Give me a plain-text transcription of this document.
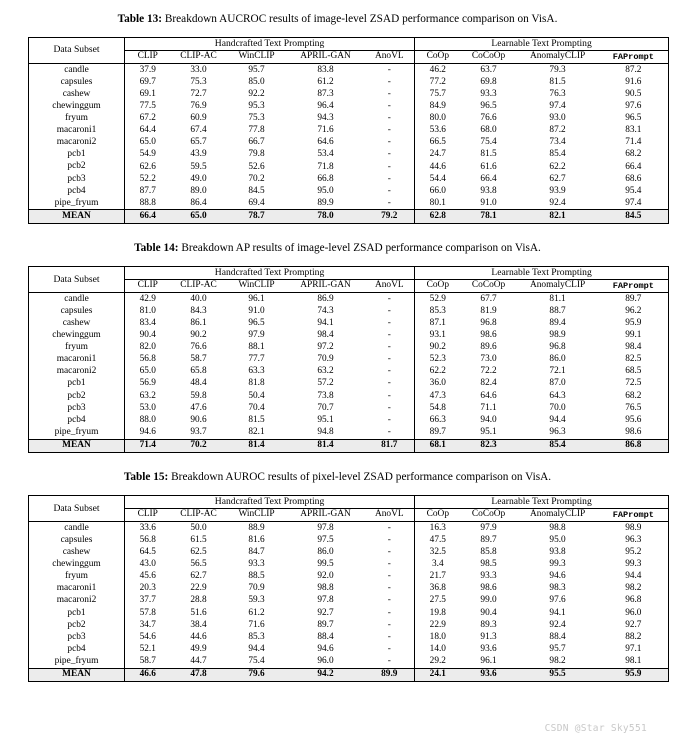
Table 13: Breakdown AUCROC results of image-level ZSAD performance comparison on VisA.
Data Subset	Handcrafted Text Prompting					Learnable Text Prompting			
	CLIP	CLIP-AC	WinCLIP	APRIL-GAN	AnoVL	CoOp	CoCoOp	AnomalyCLIP	FAPrompt
candle	37.9	33.0	95.7	83.8	-	46.2	63.7	79.3	87.2
capsules	69.7	75.3	85.0	61.2	-	77.2	69.8	81.5	91.6
cashew	69.1	72.7	92.2	87.3	-	75.7	93.3	76.3	90.5
chewinggum	77.5	76.9	95.3	96.4	-	84.9	96.5	97.4	97.6
fryum	67.2	60.9	75.3	94.3	-	80.0	76.6	93.0	96.5
macaroni1	64.4	67.4	77.8	71.6	-	53.6	68.0	87.2	83.1
macaroni2	65.0	65.7	66.7	64.6	-	66.5	75.4	73.4	71.4
pcb1	54.9	43.9	79.8	53.4	-	24.7	81.5	85.4	68.2
pcb2	62.6	59.5	52.6	71.8	-	44.6	61.6	62.2	66.4
pcb3	52.2	49.0	70.2	66.8	-	54.4	66.4	62.7	68.6
pcb4	87.7	89.0	84.5	95.0	-	66.0	93.8	93.9	95.4
pipe_fryum	88.8	86.4	69.4	89.9	-	80.1	91.0	92.4	97.4
MEAN	66.4	65.0	78.7	78.0	79.2	62.8	78.1	82.1	84.5
Table 14: Breakdown AP results of image-level ZSAD performance comparison on VisA.
Data Subset	Handcrafted Text Prompting					Learnable Text Prompting			
	CLIP	CLIP-AC	WinCLIP	APRIL-GAN	AnoVL	CoOp	CoCoOp	AnomalyCLIP	FAPrompt
candle	42.9	40.0	96.1	86.9	-	52.9	67.7	81.1	89.7
capsules	81.0	84.3	91.0	74.3	-	85.3	81.9	88.7	96.2
cashew	83.4	86.1	96.5	94.1	-	87.1	96.8	89.4	95.9
chewinggum	90.4	90.2	97.9	98.4	-	93.1	98.6	98.9	99.1
fryum	82.0	76.6	88.1	97.2	-	90.2	89.6	96.8	98.4
macaroni1	56.8	58.7	77.7	70.9	-	52.3	73.0	86.0	82.5
macaroni2	65.0	65.8	63.3	63.2	-	62.2	72.2	72.1	68.5
pcb1	56.9	48.4	81.8	57.2	-	36.0	82.4	87.0	72.5
pcb2	63.2	59.8	50.4	73.8	-	47.3	64.6	64.3	68.2
pcb3	53.0	47.6	70.4	70.7	-	54.8	71.1	70.0	76.5
pcb4	88.0	90.6	81.5	95.1	-	66.3	94.0	94.4	95.6
pipe_fryum	94.6	93.7	82.1	94.8	-	89.7	95.1	96.3	98.6
MEAN	71.4	70.2	81.4	81.4	81.7	68.1	82.3	85.4	86.8
Table 15: Breakdown AUROC results of pixel-level ZSAD performance comparison on VisA.
Data Subset	Handcrafted Text Prompting					Learnable Text Prompting			
	CLIP	CLIP-AC	WinCLIP	APRIL-GAN	AnoVL	CoOp	CoCoOp	AnomalyCLIP	FAPrompt
candle	33.6	50.0	88.9	97.8	-	16.3	97.9	98.8	98.9
capsules	56.8	61.5	81.6	97.5	-	47.5	89.7	95.0	96.3
cashew	64.5	62.5	84.7	86.0	-	32.5	85.8	93.8	95.2
chewinggum	43.0	56.5	93.3	99.5	-	3.4	98.5	99.3	99.3
fryum	45.6	62.7	88.5	92.0	-	21.7	93.3	94.6	94.4
macaroni1	20.3	22.9	70.9	98.8	-	36.8	98.6	98.3	98.2
macaroni2	37.7	28.8	59.3	97.8	-	27.5	99.0	97.6	96.8
pcb1	57.8	51.6	61.2	92.7	-	19.8	90.4	94.1	96.0
pcb2	34.7	38.4	71.6	89.7	-	22.9	89.3	92.4	92.7
pcb3	54.6	44.6	85.3	88.4	-	18.0	91.3	88.4	88.2
pcb4	52.1	49.9	94.4	94.6	-	14.0	93.6	95.7	97.1
pipe_fryum	58.7	44.7	75.4	96.0	-	29.2	96.1	98.2	98.1
MEAN	46.6	47.8	79.6	94.2	89.9	24.1	93.6	95.5	95.9
CSDN @Star Sky551
